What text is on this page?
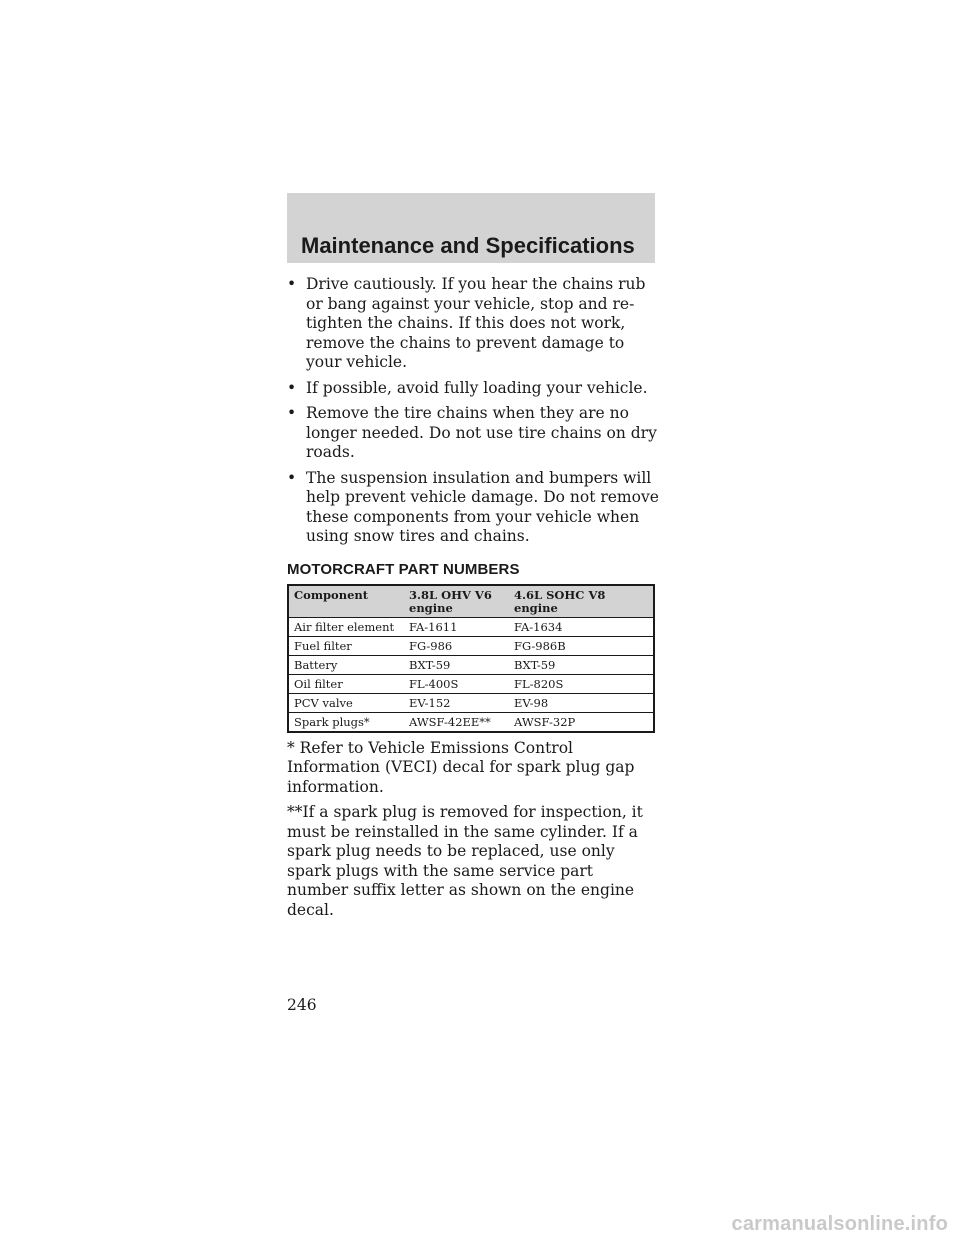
Maintenance and Specifications
• Drive cautiously. If you hear the chains rub or bang against your vehicle, stop and re-tighten the chains. If this does not work, remove the chains to prevent damage to your vehicle.
• If possible, avoid fully loading your vehicle.
• Remove the tire chains when they are no longer needed. Do not use tire chains on dry roads.
• The suspension insulation and bumpers will help prevent vehicle damage. Do not remove these components from your vehicle when using snow tires and chains.
MOTORCRAFT PART NUMBERS
Component	3.8L OHV V6 engine	4.6L SOHC V8 engine
Air filter element	FA-1611	FA-1634
Fuel filter	FG-986	FG-986B
Battery	BXT-59	BXT-59
Oil filter	FL-400S	FL-820S
PCV valve	EV-152	EV-98
Spark plugs*	AWSF-42EE**	AWSF-32P

* Refer to Vehicle Emissions Control Information (VECI) decal for spark plug gap information.

**If a spark plug is removed for inspection, it must be reinstalled in the same cylinder. If a spark plug needs to be replaced, use only spark plugs with the same service part number suffix letter as shown on the engine decal.

246
carmanualsonline.info
